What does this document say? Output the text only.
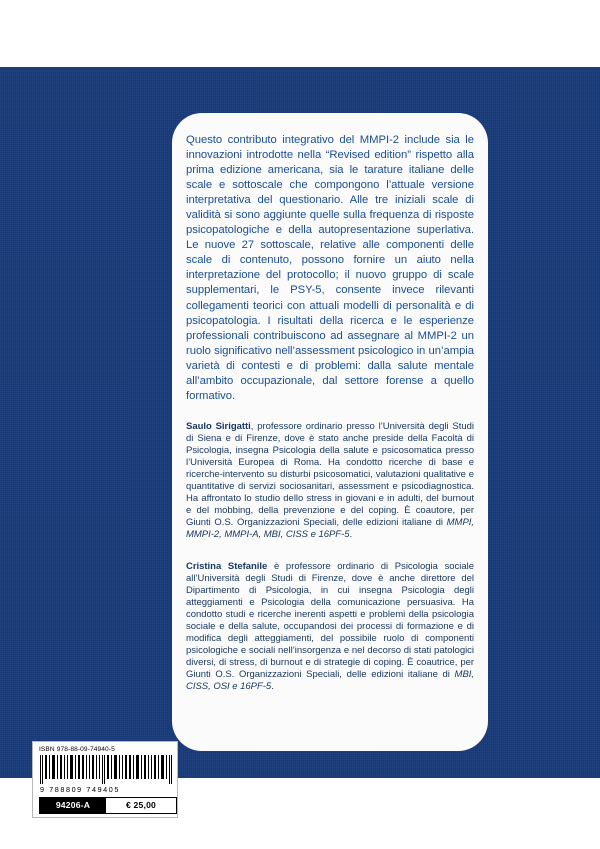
Questo contributo integrativo del MMPI-2 include sia le innovazioni introdotte nella “Revised edition” rispetto alla prima edizione americana, sia le tarature italiane delle scale e sottoscale che compongono l’attuale versione interpretativa del questionario. Alle tre iniziali scale di validità si sono aggiunte quelle sulla frequenza di risposte psicopatologiche e della autopresentazione superlativa. Le nuove 27 sottoscale, relative alle componenti delle scale di contenuto, possono fornire un aiuto nella interpretazione del protocollo; il nuovo gruppo di scale supplementari, le PSY-5, consente invece rilevanti collegamenti teorici con attuali modelli di personalità e di psicopatologia. I risultati della ricerca e le esperienze professionali contribuiscono ad assegnare al MMPI-2 un ruolo significativo nell’assessment psicologico in un’ampia varietà di contesti e di problemi: dalla salute mentale all’ambito occupazionale, dal settore forense a quello formativo.

Saulo Sirigatti, professore ordinario presso l’Università degli Studi di Siena e di Firenze, dove è stato anche preside della Facoltà di Psicologia, insegna Psicologia della salute e psicosomatica presso l’Università Europea di Roma. Ha condotto ricerche di base e ricerche-intervento su disturbi psicosomatici, valutazioni qualitative e quantitative di servizi sociosanitari, assessment e psicodiagnostica. Ha affrontato lo studio dello stress in giovani e in adulti, del burnout e del mobbing, della prevenzione e del coping. È coautore, per Giunti O.S. Organizzazioni Speciali, delle edizioni italiane di MMPI, MMPI-2, MMPI-A, MBI, CISS e 16PF-5.

Cristina Stefanile è professore ordinario di Psicologia sociale all’Università degli Studi di Firenze, dove è anche direttore del Dipartimento di Psicologia, in cui insegna Psicologia degli atteggiamenti e Psicologia della comunicazione persuasiva. Ha condotto studi e ricerche inerenti aspetti e problemi della psicologia sociale e della salute, occupandosi dei processi di formazione e di modifica degli atteggiamenti, del possibile ruolo di componenti psicologiche e sociali nell’insorgenza e nel decorso di stati patologici diversi, di stress, di burnout e di strategie di coping. È coautrice, per Giunti O.S. Organizzazioni Speciali, delle edizioni italiane di MBI, CISS, OSI e 16PF-5.

ISBN 978-88-09-74940-5
9 788809 749405
94206-A	€ 25,00
